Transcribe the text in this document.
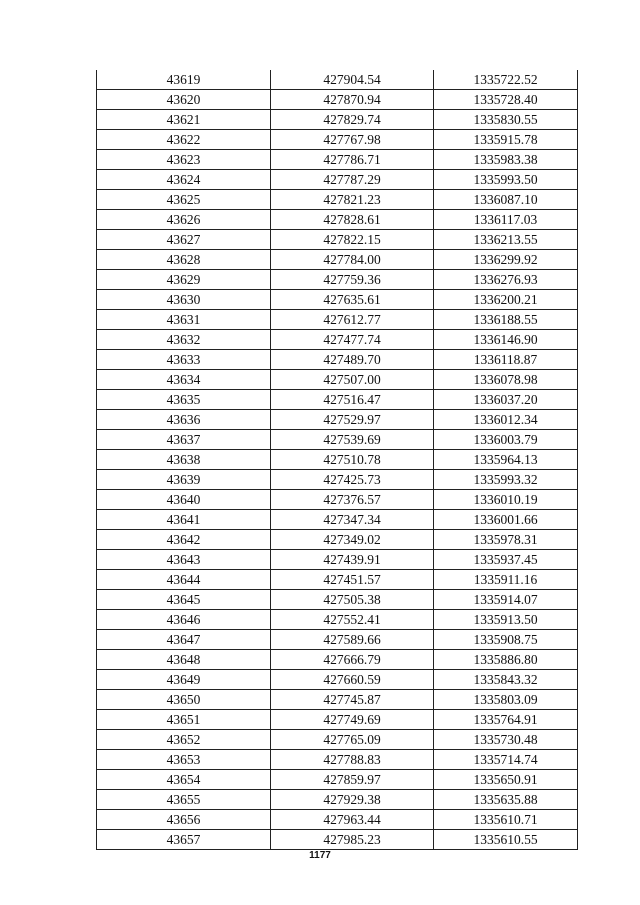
43619	427904.54	1335722.52
43620	427870.94	1335728.40
43621	427829.74	1335830.55
43622	427767.98	1335915.78
43623	427786.71	1335983.38
43624	427787.29	1335993.50
43625	427821.23	1336087.10
43626	427828.61	1336117.03
43627	427822.15	1336213.55
43628	427784.00	1336299.92
43629	427759.36	1336276.93
43630	427635.61	1336200.21
43631	427612.77	1336188.55
43632	427477.74	1336146.90
43633	427489.70	1336118.87
43634	427507.00	1336078.98
43635	427516.47	1336037.20
43636	427529.97	1336012.34
43637	427539.69	1336003.79
43638	427510.78	1335964.13
43639	427425.73	1335993.32
43640	427376.57	1336010.19
43641	427347.34	1336001.66
43642	427349.02	1335978.31
43643	427439.91	1335937.45
43644	427451.57	1335911.16
43645	427505.38	1335914.07
43646	427552.41	1335913.50
43647	427589.66	1335908.75
43648	427666.79	1335886.80
43649	427660.59	1335843.32
43650	427745.87	1335803.09
43651	427749.69	1335764.91
43652	427765.09	1335730.48
43653	427788.83	1335714.74
43654	427859.97	1335650.91
43655	427929.38	1335635.88
43656	427963.44	1335610.71
43657	427985.23	1335610.55
1177
